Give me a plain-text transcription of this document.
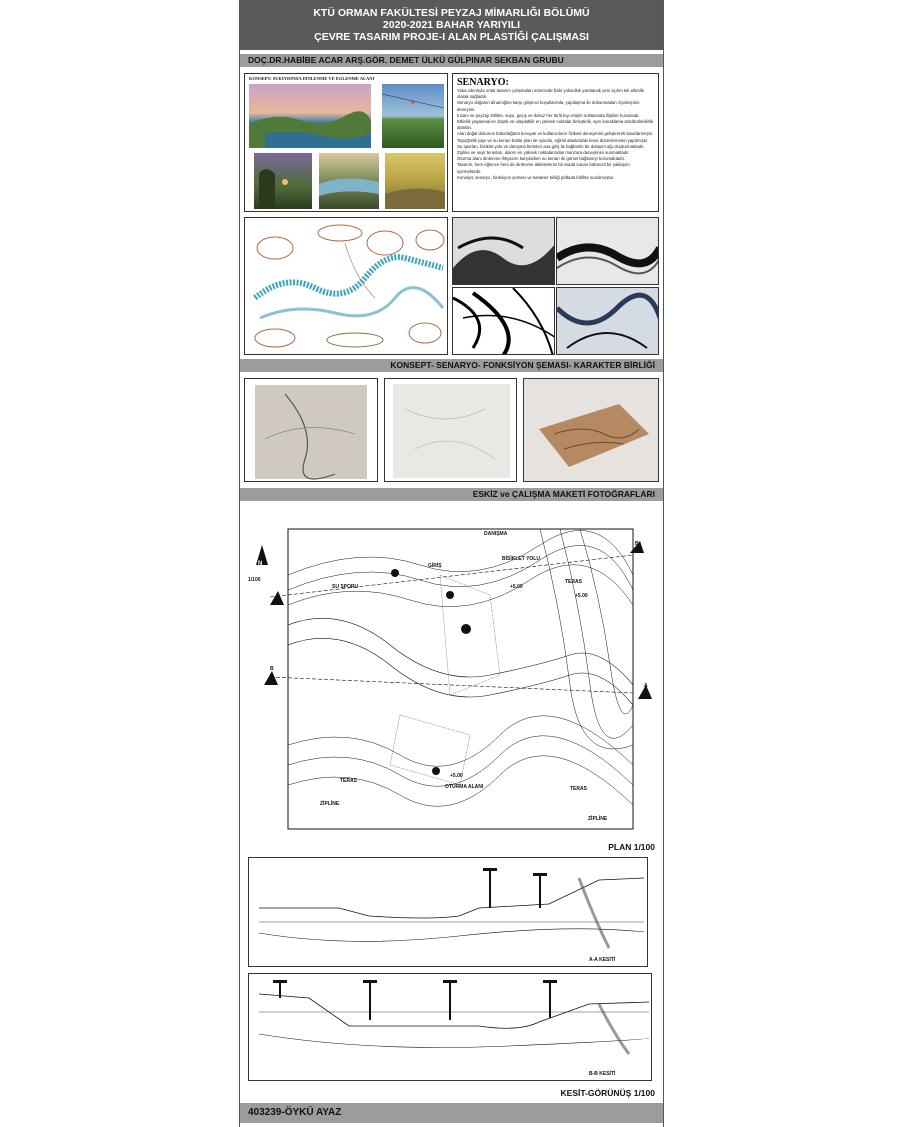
KTÜ ORMAN FAKÜLTESİ PEYZAJ MİMARLIĞI BÖLÜMÜ
2020-2021 BAHAR YARIYILI
ÇEVRE TASARIM PROJE-I ALAN PLASTİĞİ ÇALIŞMASI
DOÇ.DR.HABİBE ACAR ARŞ.GÖR. DEMET ÜLKÜ GÜLPINAR SEKBAN GRUBU
KONSEPT: SUKIYDINDA DINLENME VE EGLENME ALANI	SENARYO:
Yaka sıkıntıyla ortak tasarım çalışmaları sürecinde fiziki yoksulluk yaratacak yeni açılım tek etkinlik olarak sağladık.
Senaryo doğanın dinamiğine karşı girişimci koşullarında, yapılaşma ile dokunmadan ziyaretçinin deneyimi.
İnsanı ve peyzajı birlikte, suyu, geçiş ve dokuz her türlü kıyı erişim noktasında ilişkiler kurulacak.
Etkinlik yaşamsal en düşük ve ulaşılabilir en yüksek noktalar birleştirilir, aynı konaklama sürdürülebilirlik alanları.
Alan doğal dokunun bütünlüğünü koruyan ve kullanıcıların fiziksel deneyimini geliştirerek tasarlanmıştır.
Topoğrafik yapı ve su kenarı kotlar plan ile uyumlu, eğimli alanlardaki teras düzenlemeleri yapılmıştır.
Su sporları, bisiklet yolu ve danışma birimleri ana giriş ile bağlantılı bir dolaşım ağı oluşturmaktadır.
Zipline ve seyir terasları, alanın en yüksek noktalarından manzara deneyimini sunmaktadır.
Oturma alanı dinlenme ihtiyacını karşılarken su kenarı ile görsel bağlantıyı korumaktadır.
Tasarım, hem eğlence hem de dinlenme aktivitelerini bir arada sunan bütüncül bir yaklaşım içermektedir.
Konsept, senaryo, fonksiyon şeması ve karakter birliği paftada birlikte sunulmuştur.
KONSEPT- SENARYO- FONKSİYON ŞEMASI- KARAKTER BİRLİĞİ
ESKİZ ve ÇALIŞMA MAKETİ FOTOĞRAFLARI
N
1/100
A
B
B
A
SU SPORU
GİRİŞ
DANIŞMA
BİSİKLET YOLU
TERAS
TERAS
TERAS
OTURMA ALANI
ZİPLİNE
ZİPLİNE
+5.00
+5.00
+5.00
PLAN 1/100
A-A KESİTİ
B-B KESİTİ
KESİT-GÖRÜNÜŞ 1/100
403239-ÖYKÜ AYAZ
